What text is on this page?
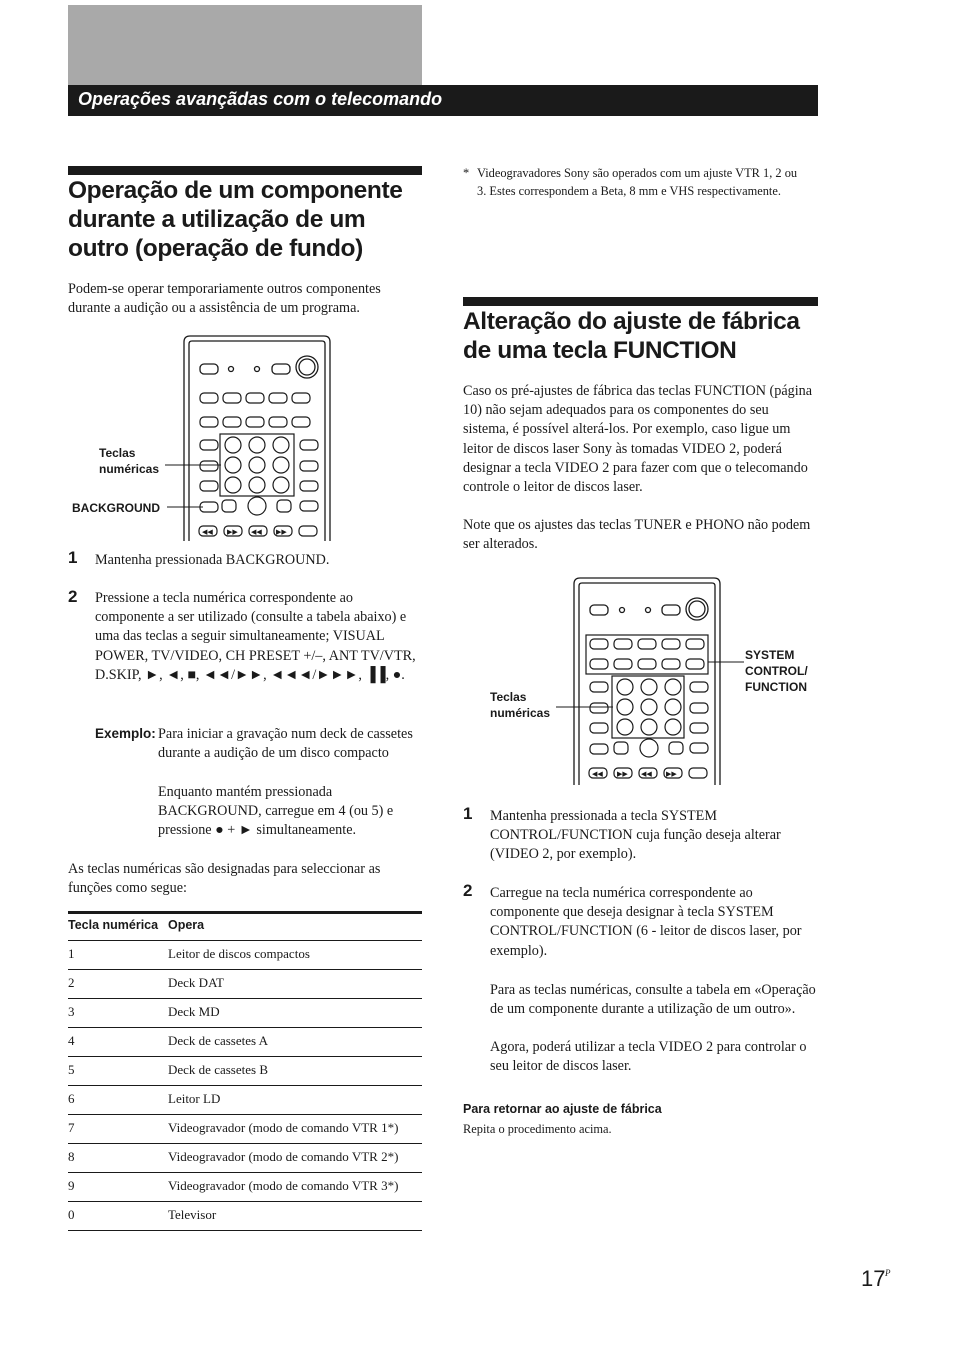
Operações avançãdas com o telecomando
Operação de um componente durante a utilização de um outro (operação de fundo)
Podem-se operar temporariamente outros componentes durante a audição ou a assistência de um programa.
◀◀ ▶▶ ◀◀ ▶▶
Teclas numéricas
BACKGROUND
1 Mantenha pressionada BACKGROUND.
2 Pressione a tecla numérica correspondente ao componente a ser utilizado (consulte a tabela abaixo) e uma das teclas a seguir simultaneamente; VISUAL POWER, TV/VIDEO, CH PRESET +/–, ANT TV/VTR, D.SKIP, ►, ◄, ■, ◄◄/►►, ◄◄◄/►►►, ▐▐, ●.
Exemplo: Para iniciar a gravação num deck de cassetes durante a audição de um disco compacto
Enquanto mantém pressionada BACKGROUND, carregue em 4 (ou 5) e pressione ● + ► simultaneamente.
As teclas numéricas são designadas para seleccionar as funções como segue:
Tecla numérica	Opera
1	Leitor de discos compactos
2	Deck DAT
3	Deck MD
4	Deck de cassetes A
5	Deck de cassetes B
6	Leitor LD
7	Videogravador (modo de comando VTR 1*)
8	Videogravador (modo de comando VTR 2*)
9	Videogravador (modo de comando VTR 3*)
0	Televisor
* Videogravadores Sony são operados com um ajuste VTR 1, 2 ou 3. Estes correspondem a Beta, 8 mm e VHS respectivamente.
Alteração do ajuste de fábrica de uma tecla FUNCTION
Caso os pré-ajustes de fábrica das teclas FUNCTION (página 10) não sejam adequados para os componentes do seu sistema, é possível alterá-los. Por exemplo, caso ligue um leitor de discos laser Sony às tomadas VIDEO 2, poderá designar a tecla VIDEO 2 para fazer com que o telecomando controle o leitor de discos laser.
Note que os ajustes das teclas TUNER e PHONO não podem ser alterados.
◀◀ ▶▶ ◀◀ ▶▶
SYSTEM CONTROL/ FUNCTION
Teclas numéricas
1 Mantenha pressionada a tecla SYSTEM CONTROL/FUNCTION cuja função deseja alterar (VIDEO 2, por exemplo).
2 Carregue na tecla numérica correspondente ao componente que deseja designar à tecla SYSTEM CONTROL/FUNCTION (6 - leitor de discos laser, por exemplo).
Para as teclas numéricas, consulte a tabela em «Operação de um componente durante a utilização de um outro».
Agora, poderá utilizar a tecla VIDEO 2 para controlar o seu leitor de discos laser.
Para retornar ao ajuste de fábrica
Repita o procedimento acima.
17 P
